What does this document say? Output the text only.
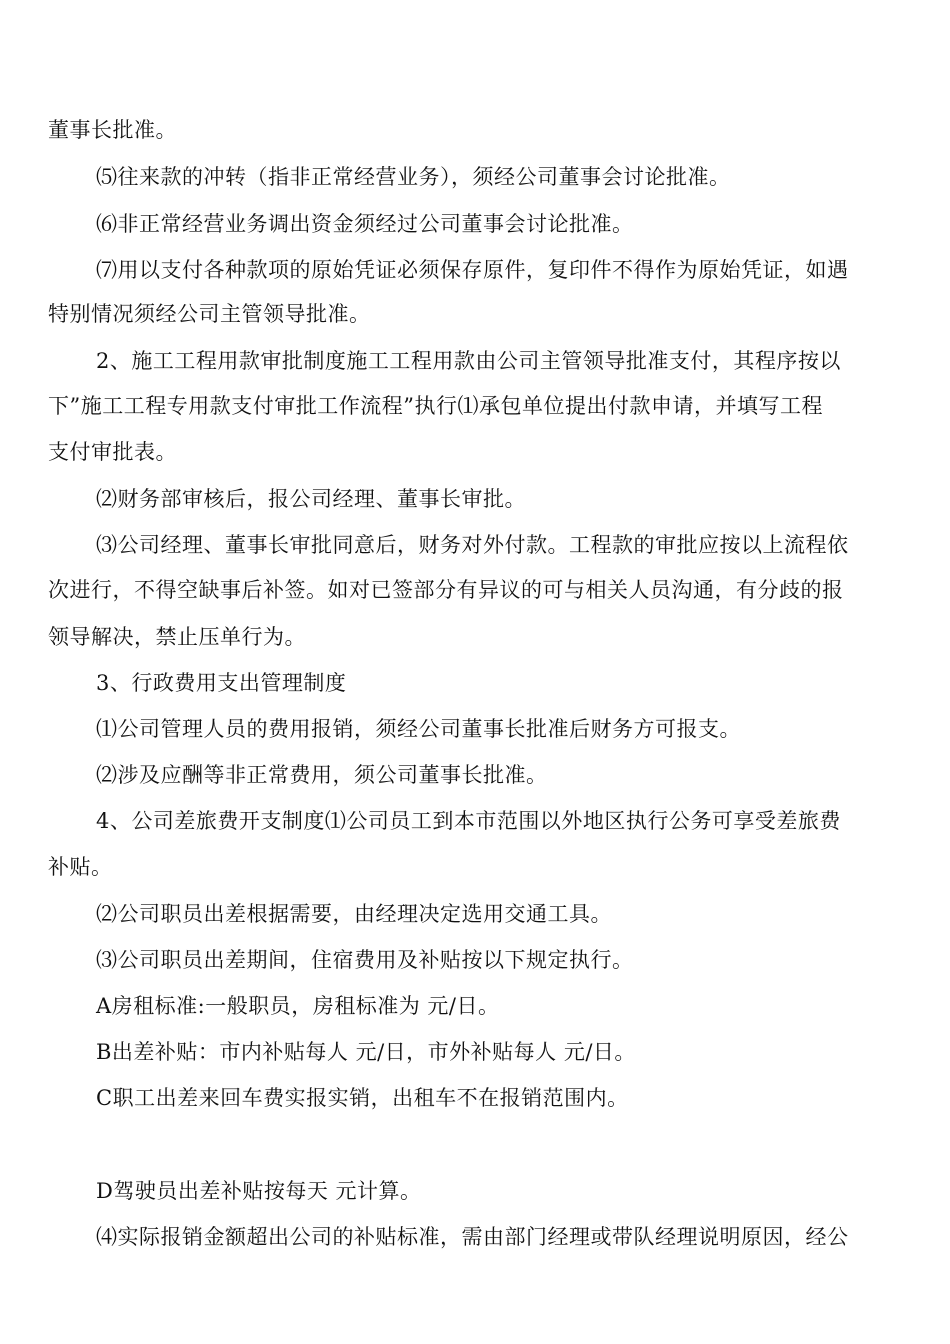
董事长批准。
⑸往来款的冲转（指非正常经营业务），须经公司董事会讨论批准。
⑹非正常经营业务调出资金须经过公司董事会讨论批准。
⑺用以支付各种款项的原始凭证必须保存原件，复印件不得作为原始凭证，如遇
特别情况须经公司主管领导批准。
2、施工工程用款审批制度施工工程用款由公司主管领导批准支付，其程序按以
下”施工工程专用款支付审批工作流程”执行⑴承包单位提出付款申请，并填写工程
支付审批表。
⑵财务部审核后，报公司经理、董事长审批。
⑶公司经理、董事长审批同意后，财务对外付款。工程款的审批应按以上流程依
次进行，不得空缺事后补签。如对已签部分有异议的可与相关人员沟通，有分歧的报
领导解决，禁止压单行为。
3、行政费用支出管理制度
⑴公司管理人员的费用报销，须经公司董事长批准后财务方可报支。
⑵涉及应酬等非正常费用，须公司董事长批准。
4、公司差旅费开支制度⑴公司员工到本市范围以外地区执行公务可享受差旅费
补贴。
⑵公司职员出差根据需要，由经理决定选用交通工具。
⑶公司职员出差期间，住宿费用及补贴按以下规定执行。
A房租标准:一般职员，房租标准为 元/日。
B出差补贴：市内补贴每人 元/日，市外补贴每人 元/日。
C职工出差来回车费实报实销，出租车不在报销范围内。
D驾驶员出差补贴按每天 元计算。
⑷实际报销金额超出公司的补贴标准，需由部门经理或带队经理说明原因，经公
